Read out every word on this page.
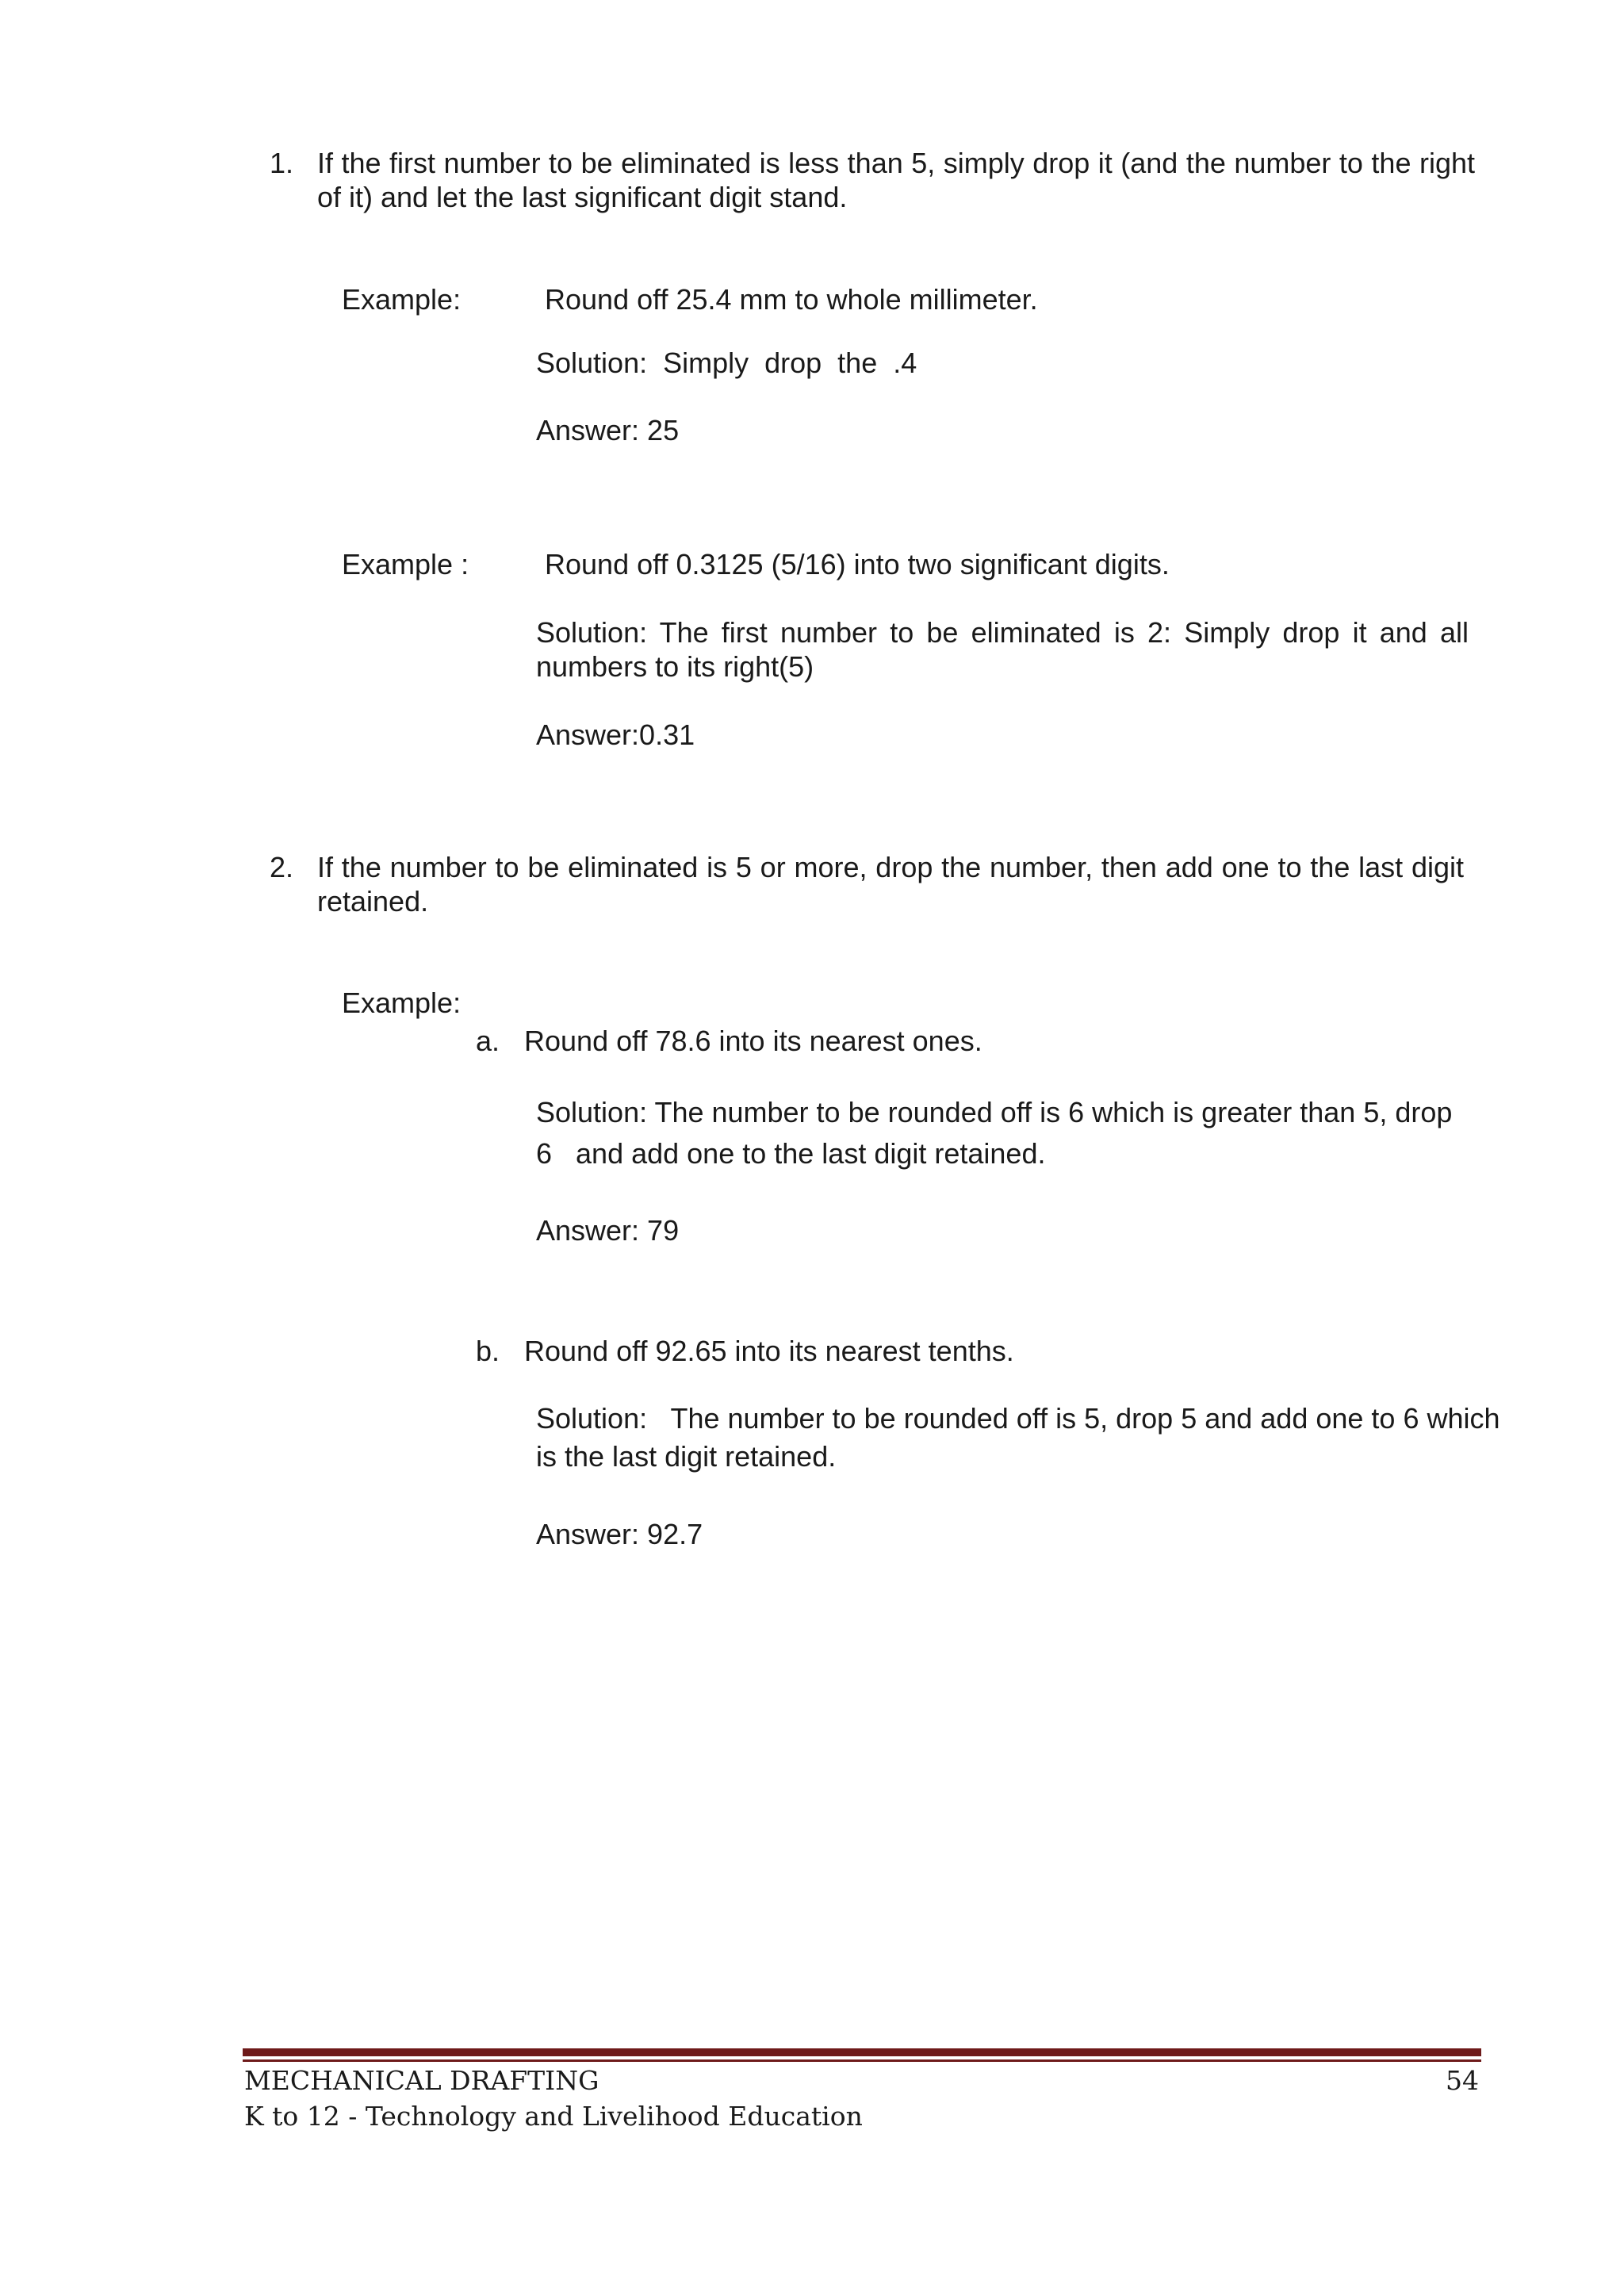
1. If the first number to be eliminated is less than 5, simply drop it (and the number to the right of it) and let the last significant digit stand.
Example:	Round off 25.4 mm to whole millimeter.
Solution:  Simply  drop  the  .4
Answer: 25
Example :	Round off 0.3125 (5/16) into two significant digits.
Solution: The first number to be eliminated is 2: Simply drop it and all numbers to its right(5)
Answer:0.31
2. If the number to be eliminated is 5 or more, drop the number, then add one to the last digit retained.
Example:
a. Round off 78.6 into its nearest ones.
Solution: The number to be rounded off is 6 which is greater than 5, drop
6   and add one to the last digit retained.
Answer: 79
b. Round off 92.65 into its nearest tenths.
Solution:   The number to be rounded off is 5, drop 5 and add one to 6 which
is the last digit retained.
Answer: 92.7
MECHANICAL DRAFTING
K to 12 - Technology and Livelihood Education
54
